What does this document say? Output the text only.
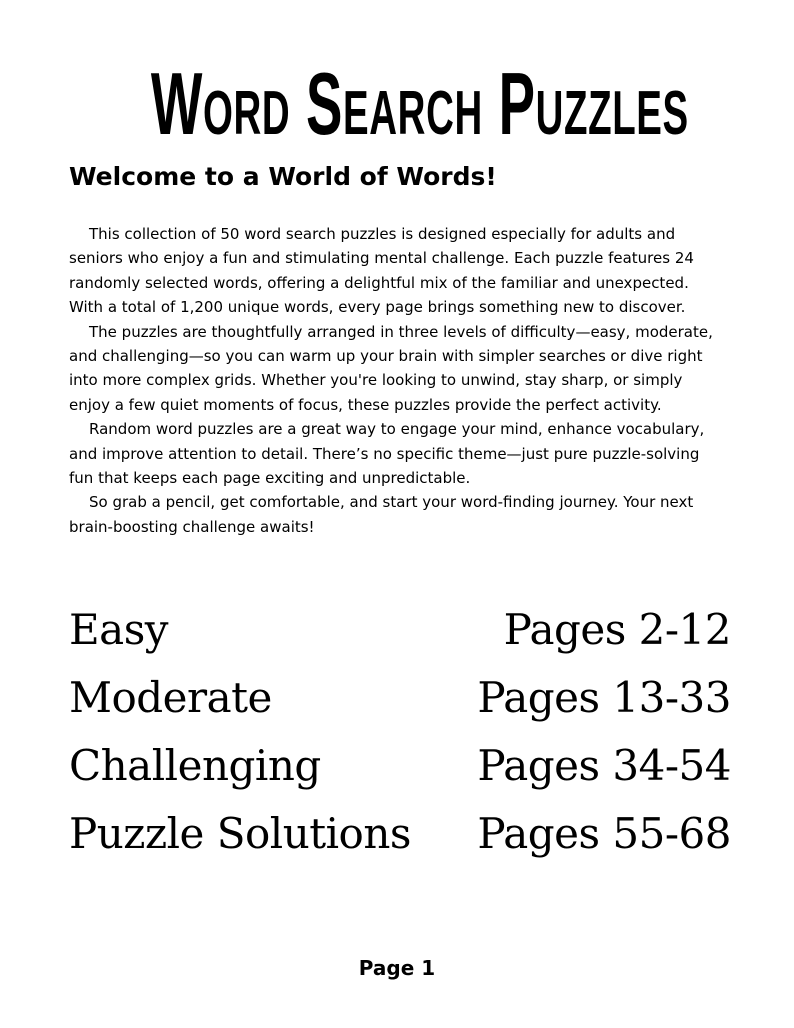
Word Search Puzzles
Welcome to a World of Words!

This collection of 50 word search puzzles is designed especially for adults and

seniors who enjoy a fun and stimulating mental challenge. Each puzzle features 24

randomly selected words, offering a delightful mix of the familiar and unexpected.

With a total of 1,200 unique words, every page brings something new to discover.

The puzzles are thoughtfully arranged in three levels of difficulty—easy, moderate,

and challenging—so you can warm up your brain with simpler searches or dive right

into more complex grids. Whether you're looking to unwind, stay sharp, or simply

enjoy a few quiet moments of focus, these puzzles provide the perfect activity.

Random word puzzles are a great way to engage your mind, enhance vocabulary,

and improve attention to detail. There’s no specific theme—just pure puzzle-solving

fun that keeps each page exciting and unpredictable.

So grab a pencil, get comfortable, and start your word-finding journey. Your next

brain-boosting challenge awaits!

Easy	Pages 2-12
Moderate	Pages 13-33
Challenging	Pages 34-54
Puzzle Solutions Pages 55-68
Page 1
